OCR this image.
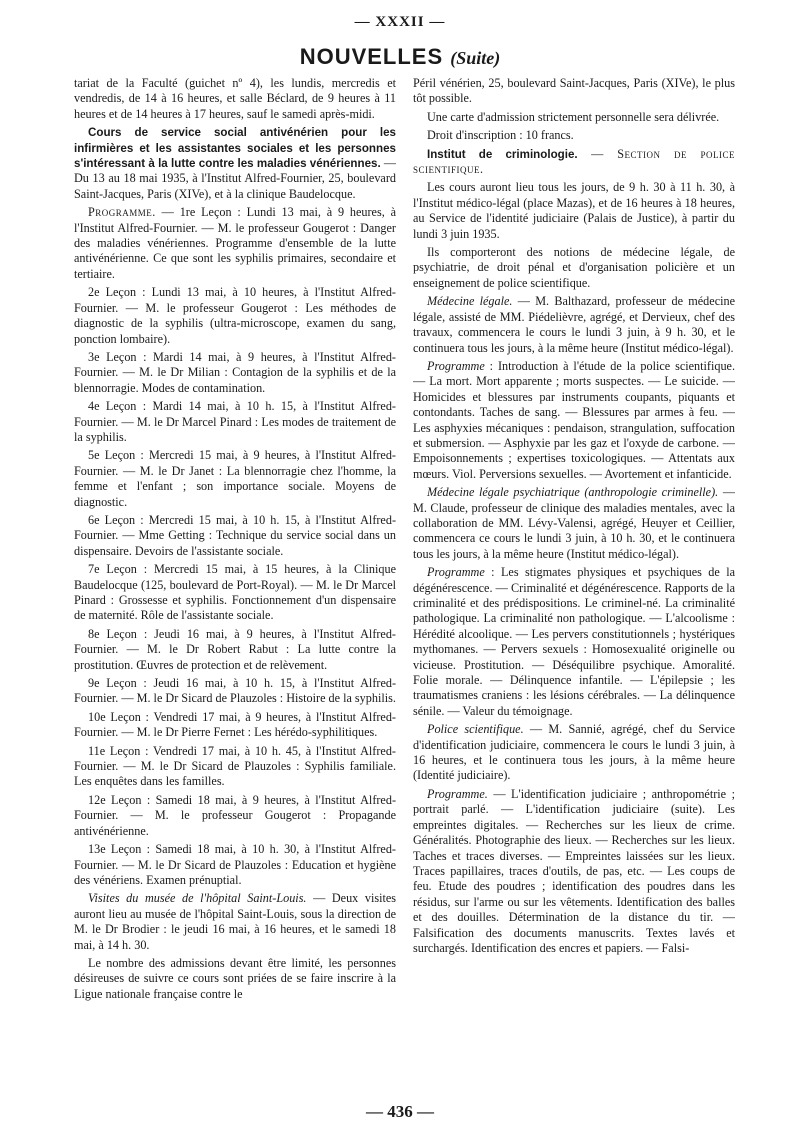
— XXXII —
NOUVELLES (Suite)

tariat de la Faculté (guichet nº 4), les lundis, mercredis et vendredis, de 14 à 16 heures, et salle Béclard, de 9 heures à 11 heures et de 14 heures à 17 heures, sauf le samedi après-midi.

Cours de service social antivénérien pour les infirmières et les assistantes sociales et les personnes s'intéressant à la lutte contre les maladies vénériennes. — Du 13 au 18 mai 1935, à l'Institut Alfred-Fournier, 25, boulevard Saint-Jacques, Paris (XIVe), et à la clinique Baudelocque.

Programme. — 1re Leçon : Lundi 13 mai, à 9 heures, à l'Institut Alfred-Fournier. — M. le professeur Gougerot : Danger des maladies vénériennes. Programme d'ensemble de la lutte antivénérienne. Ce que sont les syphilis primaires, secondaire et tertiaire.

2e Leçon : Lundi 13 mai, à 10 heures, à l'Institut Alfred-Fournier. — M. le professeur Gougerot : Les méthodes de diagnostic de la syphilis (ultra-microscope, examen du sang, ponction lombaire).

3e Leçon : Mardi 14 mai, à 9 heures, à l'Institut Alfred-Fournier. — M. le Dr Milian : Contagion de la syphilis et de la blennorragie. Modes de contamination.

4e Leçon : Mardi 14 mai, à 10 h. 15, à l'Institut Alfred-Fournier. — M. le Dr Marcel Pinard : Les modes de traitement de la syphilis.

5e Leçon : Mercredi 15 mai, à 9 heures, à l'Institut Alfred-Fournier. — M. le Dr Janet : La blennorragie chez l'homme, la femme et l'enfant ; son importance sociale. Moyens de diagnostic.

6e Leçon : Mercredi 15 mai, à 10 h. 15, à l'Institut Alfred-Fournier. — Mme Getting : Technique du service social dans un dispensaire. Devoirs de l'assistante sociale.

7e Leçon : Mercredi 15 mai, à 15 heures, à la Clinique Baudelocque (125, boulevard de Port-Royal). — M. le Dr Marcel Pinard : Grossesse et syphilis. Fonctionnement d'un dispensaire de maternité. Rôle de l'assistante sociale.

8e Leçon : Jeudi 16 mai, à 9 heures, à l'Institut Alfred-Fournier. — M. le Dr Robert Rabut : La lutte contre la prostitution. Œuvres de protection et de relèvement.

9e Leçon : Jeudi 16 mai, à 10 h. 15, à l'Institut Alfred-Fournier. — M. le Dr Sicard de Plauzoles : Histoire de la syphilis.

10e Leçon : Vendredi 17 mai, à 9 heures, à l'Institut Alfred-Fournier. — M. le Dr Pierre Fernet : Les hérédo-syphilitiques.

11e Leçon : Vendredi 17 mai, à 10 h. 45, à l'Institut Alfred-Fournier. — M. le Dr Sicard de Plauzoles : Syphilis familiale. Les enquêtes dans les familles.

12e Leçon : Samedi 18 mai, à 9 heures, à l'Institut Alfred-Fournier. — M. le professeur Gougerot : Propagande antivénérienne.

13e Leçon : Samedi 18 mai, à 10 h. 30, à l'Institut Alfred-Fournier. — M. le Dr Sicard de Plauzoles : Education et hygiène des vénériens. Examen prénuptial.

Visites du musée de l'hôpital Saint-Louis. — Deux visites auront lieu au musée de l'hôpital Saint-Louis, sous la direction de M. le Dr Brodier : le jeudi 16 mai, à 16 heures, et le samedi 18 mai, à 14 h. 30.

Le nombre des admissions devant être limité, les personnes désireuses de suivre ce cours sont priées de se faire inscrire à la Ligue nationale française contre le

Péril vénérien, 25, boulevard Saint-Jacques, Paris (XIVe), le plus tôt possible.

Une carte d'admission strictement personnelle sera délivrée.

Droit d'inscription : 10 francs.

Institut de criminologie. — Section de police scientifique.

Les cours auront lieu tous les jours, de 9 h. 30 à 11 h. 30, à l'Institut médico-légal (place Mazas), et de 16 heures à 18 heures, au Service de l'identité judiciaire (Palais de Justice), à partir du lundi 3 juin 1935.

Ils comporteront des notions de médecine légale, de psychiatrie, de droit pénal et d'organisation policière et un enseignement de police scientifique.

Médecine légale. — M. Balthazard, professeur de médecine légale, assisté de MM. Piédelièvre, agrégé, et Dervieux, chef des travaux, commencera le cours le lundi 3 juin, à 9 h. 30, et le continuera tous les jours, à la même heure (Institut médico-légal).

Programme : Introduction à l'étude de la police scientifique. — La mort. Mort apparente ; morts suspectes. — Le suicide. — Homicides et blessures par instruments coupants, piquants et contondants. Taches de sang. — Blessures par armes à feu. — Les asphyxies mécaniques : pendaison, strangulation, suffocation et submersion. — Asphyxie par les gaz et l'oxyde de carbone. — Empoisonnements ; expertises toxicologiques. — Attentats aux mœurs. Viol. Perversions sexuelles. — Avortement et infanticide.

Médecine légale psychiatrique (anthropologie criminelle). — M. Claude, professeur de clinique des maladies mentales, avec la collaboration de MM. Lévy-Valensi, agrégé, Heuyer et Ceillier, commencera ce cours le lundi 3 juin, à 10 h. 30, et le continuera tous les jours, à la même heure (Institut médico-légal).

Programme : Les stigmates physiques et psychiques de la dégénérescence. — Criminalité et dégénérescence. Rapports de la criminalité et des prédispositions. Le criminel-né. La criminalité pathologique. La criminalité non pathologique. — L'alcoolisme : Hérédité alcoolique. — Les pervers constitutionnels ; hystériques mythomanes. — Pervers sexuels : Homosexualité originelle ou vicieuse. Prostitution. — Déséquilibre psychique. Amoralité. Folie morale. — Délinquence infantile. — L'épilepsie ; les traumatismes craniens : les lésions cérébrales. — La délinquence sénile. — Valeur du témoignage.

Police scientifique. — M. Sannié, agrégé, chef du Service d'identification judiciaire, commencera le cours le lundi 3 juin, à 16 heures, et le continuera tous les jours, à la même heure (Identité judiciaire).

Programme. — L'identification judiciaire ; anthropométrie ; portrait parlé. — L'identification judiciaire (suite). Les empreintes digitales. — Recherches sur les lieux de crime. Généralités. Photographie des lieux. — Recherches sur les lieux. Taches et traces diverses. — Empreintes laissées sur les lieux. Traces papillaires, traces d'outils, de pas, etc. — Les coups de feu. Etude des poudres ; identification des poudres dans les résidus, sur l'arme ou sur les vêtements. Identification des balles et des douilles. Détermination de la distance du tir. — Falsification des documents manuscrits. Textes lavés et surchargés. Identification des encres et papiers. — Falsi-

— 436 —
